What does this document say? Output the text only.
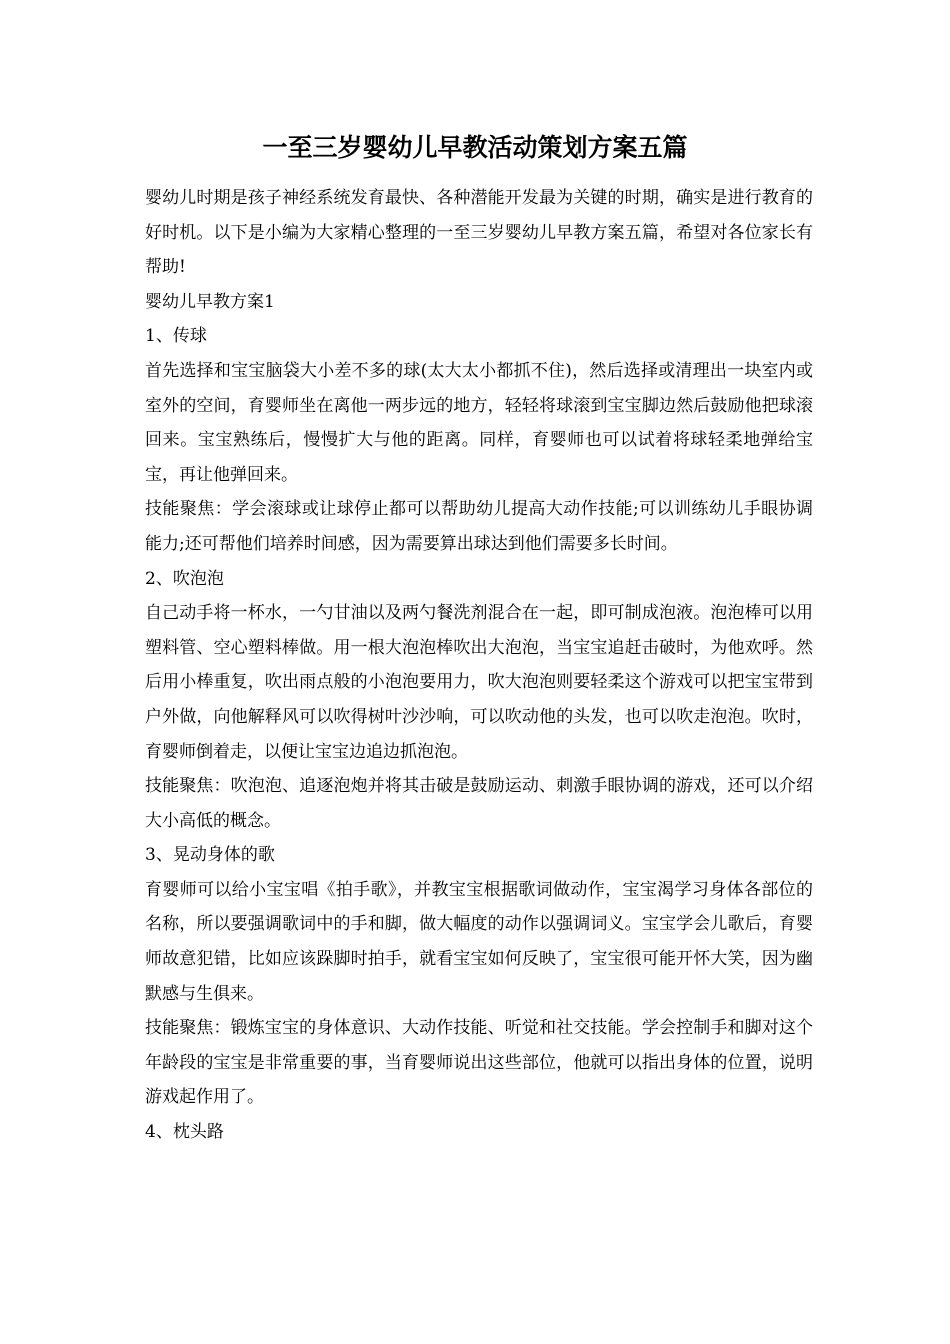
一至三岁婴幼儿早教活动策划方案五篇

婴幼儿时期是孩子神经系统发育最快、各种潜能开发最为关键的时期，确实是进行教育的好时机。以下是小编为大家精心整理的一至三岁婴幼儿早教方案五篇，希望对各位家长有帮助!

婴幼儿早教方案1

1、传球

首先选择和宝宝脑袋大小差不多的球(太大太小都抓不住)，然后选择或清理出一块室内或室外的空间，育婴师坐在离他一两步远的地方，轻轻将球滚到宝宝脚边然后鼓励他把球滚回来。宝宝熟练后，慢慢扩大与他的距离。同样，育婴师也可以试着将球轻柔地弹给宝宝，再让他弹回来。

技能聚焦：学会滚球或让球停止都可以帮助幼儿提高大动作技能;可以训练幼儿手眼协调能力;还可帮他们培养时间感，因为需要算出球达到他们需要多长时间。

2、吹泡泡

自己动手将一杯水，一勺甘油以及两勺餐洗剂混合在一起，即可制成泡液。泡泡棒可以用塑料管、空心塑料棒做。用一根大泡泡棒吹出大泡泡，当宝宝追赶击破时，为他欢呼。然后用小棒重复，吹出雨点般的小泡泡要用力，吹大泡泡则要轻柔这个游戏可以把宝宝带到户外做，向他解释风可以吹得树叶沙沙响，可以吹动他的头发，也可以吹走泡泡。吹时，育婴师倒着走，以便让宝宝边追边抓泡泡。

技能聚焦：吹泡泡、追逐泡炮并将其击破是鼓励运动、刺激手眼协调的游戏，还可以介绍大小高低的概念。

3、晃动身体的歌

育婴师可以给小宝宝唱《拍手歌》，并教宝宝根据歌词做动作，宝宝渴学习身体各部位的名称，所以要强调歌词中的手和脚，做大幅度的动作以强调词义。宝宝学会儿歌后，育婴师故意犯错，比如应该跺脚时拍手，就看宝宝如何反映了，宝宝很可能开怀大笑，因为幽默感与生俱来。

技能聚焦：锻炼宝宝的身体意识、大动作技能、听觉和社交技能。学会控制手和脚对这个年龄段的宝宝是非常重要的事，当育婴师说出这些部位，他就可以指出身体的位置，说明游戏起作用了。

4、枕头路
